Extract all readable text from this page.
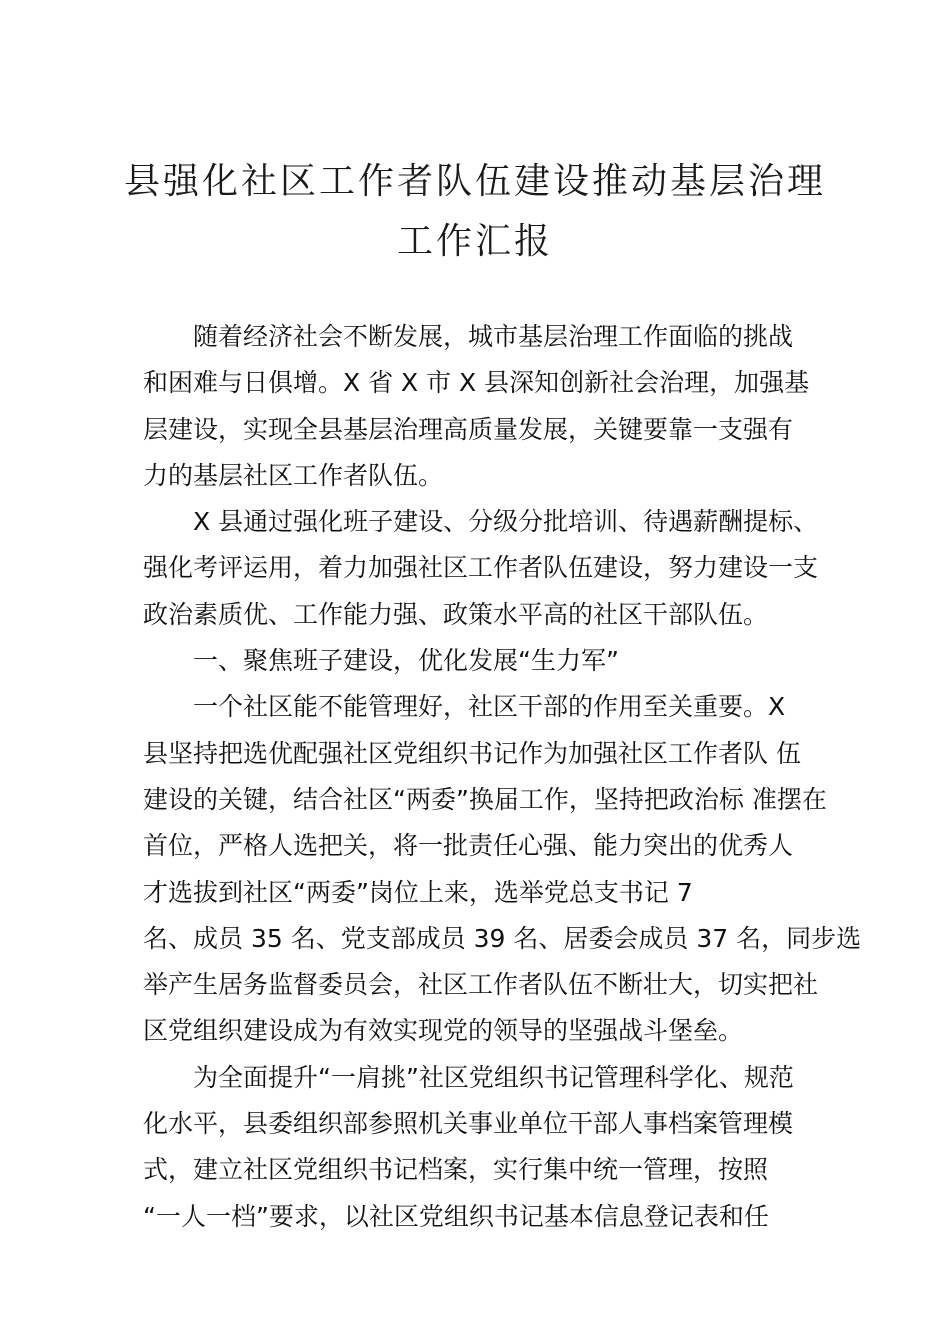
县强化社区工作者队伍建设推动基层治理
工作汇报
随着经济社会不断发展，城市基层治理工作面临的挑战
和困难与日俱增。X 省 X 市 X 县深知创新社会治理，加强基
层建设，实现全县基层治理高质量发展，关键要靠一支强有
力的基层社区工作者队伍。
X 县通过强化班子建设、分级分批培训、待遇薪酬提标、
强化考评运用，着力加强社区工作者队伍建设，努力建设一支
政治素质优、工作能力强、政策水平高的社区干部队伍。
一、聚焦班子建设，优化发展“生力军”
一个社区能不能管理好，社区干部的作用至关重要。X
县坚持把选优配强社区党组织书记作为加强社区工作者队 伍
建设的关键，结合社区“两委”换届工作，坚持把政治标 准摆在
首位，严格人选把关，将一批责任心强、能力突出的优秀人
才选拔到社区“两委”岗位上来，选举党总支书记 7
名、成员 35 名、党支部成员 39 名、居委会成员 37 名，同步选
举产生居务监督委员会，社区工作者队伍不断壮大，切实把社
区党组织建设成为有效实现党的领导的坚强战斗堡垒。
为全面提升“一肩挑”社区党组织书记管理科学化、规范
化水平，县委组织部参照机关事业单位干部人事档案管理模
式，建立社区党组织书记档案，实行集中统一管理，按照
“一人一档”要求，以社区党组织书记基本信息登记表和任
